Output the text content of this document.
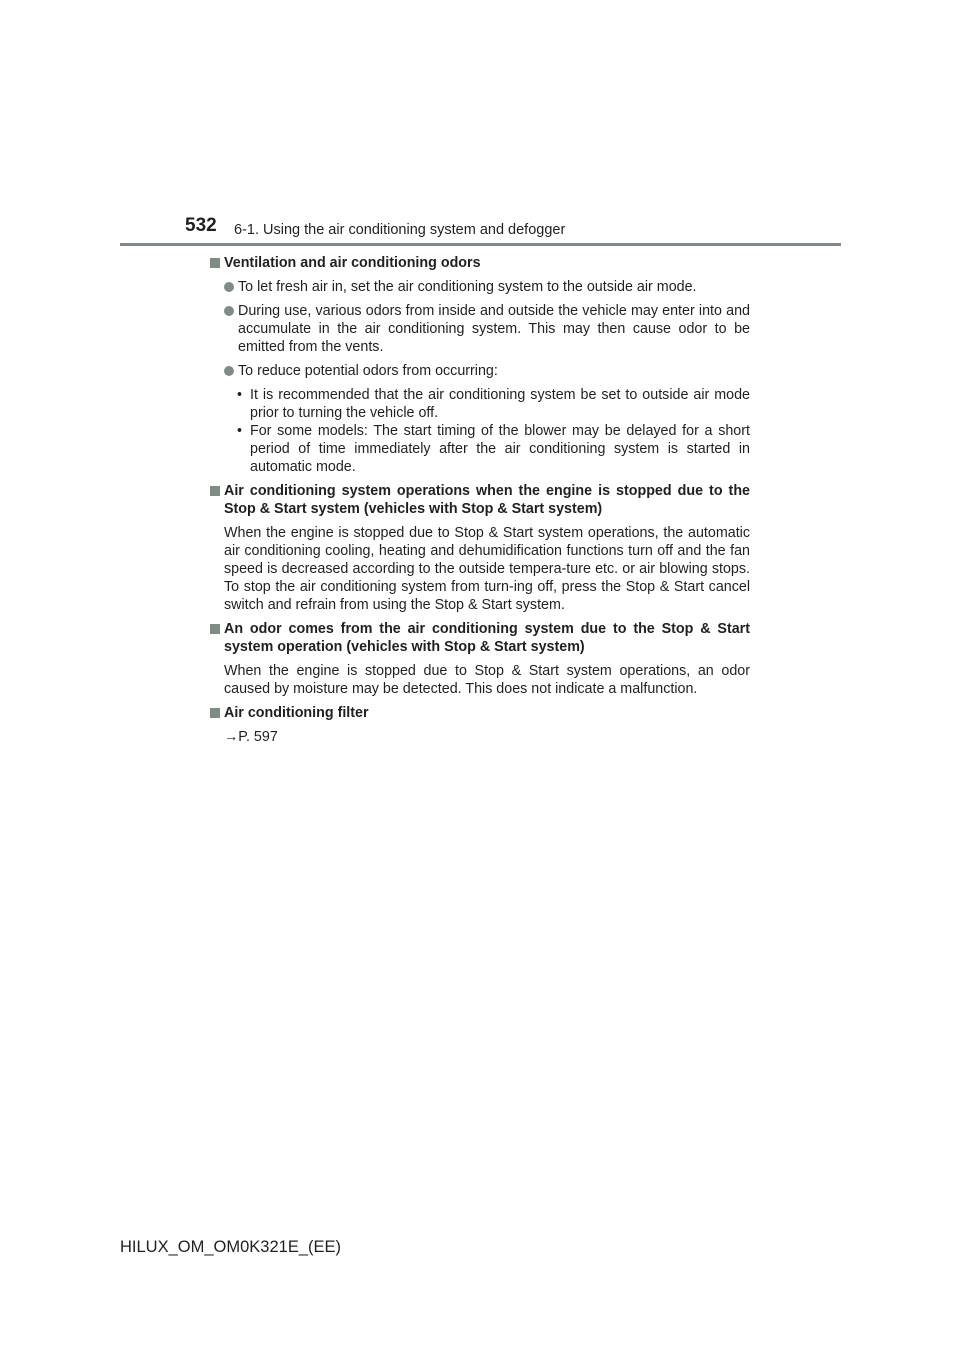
532 6-1. Using the air conditioning system and defogger
Ventilation and air conditioning odors
To let fresh air in, set the air conditioning system to the outside air mode.
During use, various odors from inside and outside the vehicle may enter into and accumulate in the air conditioning system. This may then cause odor to be emitted from the vents.
To reduce potential odors from occurring:
• It is recommended that the air conditioning system be set to outside air mode prior to turning the vehicle off.
• For some models: The start timing of the blower may be delayed for a short period of time immediately after the air conditioning system is started in automatic mode.
Air conditioning system operations when the engine is stopped due to the Stop & Start system (vehicles with Stop & Start system)
When the engine is stopped due to Stop & Start system operations, the automatic air conditioning cooling, heating and dehumidification functions turn off and the fan speed is decreased according to the outside tempera-ture etc. or air blowing stops. To stop the air conditioning system from turn-ing off, press the Stop & Start cancel switch and refrain from using the Stop & Start system.
An odor comes from the air conditioning system due to the Stop & Start system operation (vehicles with Stop & Start system)
When the engine is stopped due to Stop & Start system operations, an odor caused by moisture may be detected. This does not indicate a malfunction.
Air conditioning filter
→P. 597
HILUX_OM_OM0K321E_(EE)
